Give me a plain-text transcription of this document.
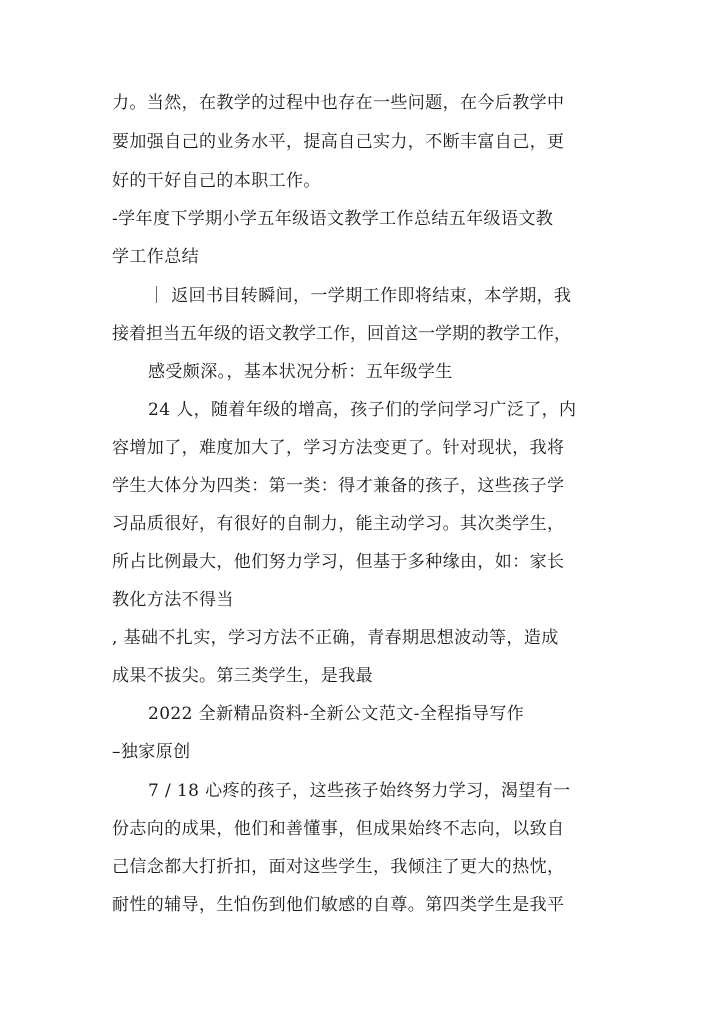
力。当然，在教学的过程中也存在一些问题，在今后教学中
要加强自己的业务水平，提高自己实力，不断丰富自己，更
好的干好自己的本职工作。
-学年度下学期小学五年级语文教学工作总结五年级语文教
学工作总结
｜ 返回书目转瞬间，一学期工作即将结束，本学期，我
接着担当五年级的语文教学工作，回首这一学期的教学工作，
感受颇深。，基本状况分析：五年级学生
24 人，随着年级的增高，孩子们的学问学习广泛了，内
容增加了，难度加大了，学习方法变更了。针对现状，我将
学生大体分为四类：第一类：得才兼备的孩子，这些孩子学
习品质很好，有很好的自制力，能主动学习。其次类学生，
所占比例最大，他们努力学习，但基于多种缘由，如：家长
教化方法不得当
, 基础不扎实，学习方法不正确，青春期思想波动等，造成
成果不拔尖。第三类学生，是我最
2022 全新精品资料-全新公文范文-全程指导写作
–独家原创
7 / 18 心疼的孩子，这些孩子始终努力学习，渴望有一
份志向的成果，他们和善懂事，但成果始终不志向，以致自
己信念都大打折扣，面对这些学生，我倾注了更大的热忱，
耐性的辅导，生怕伤到他们敏感的自尊。第四类学生是我平
